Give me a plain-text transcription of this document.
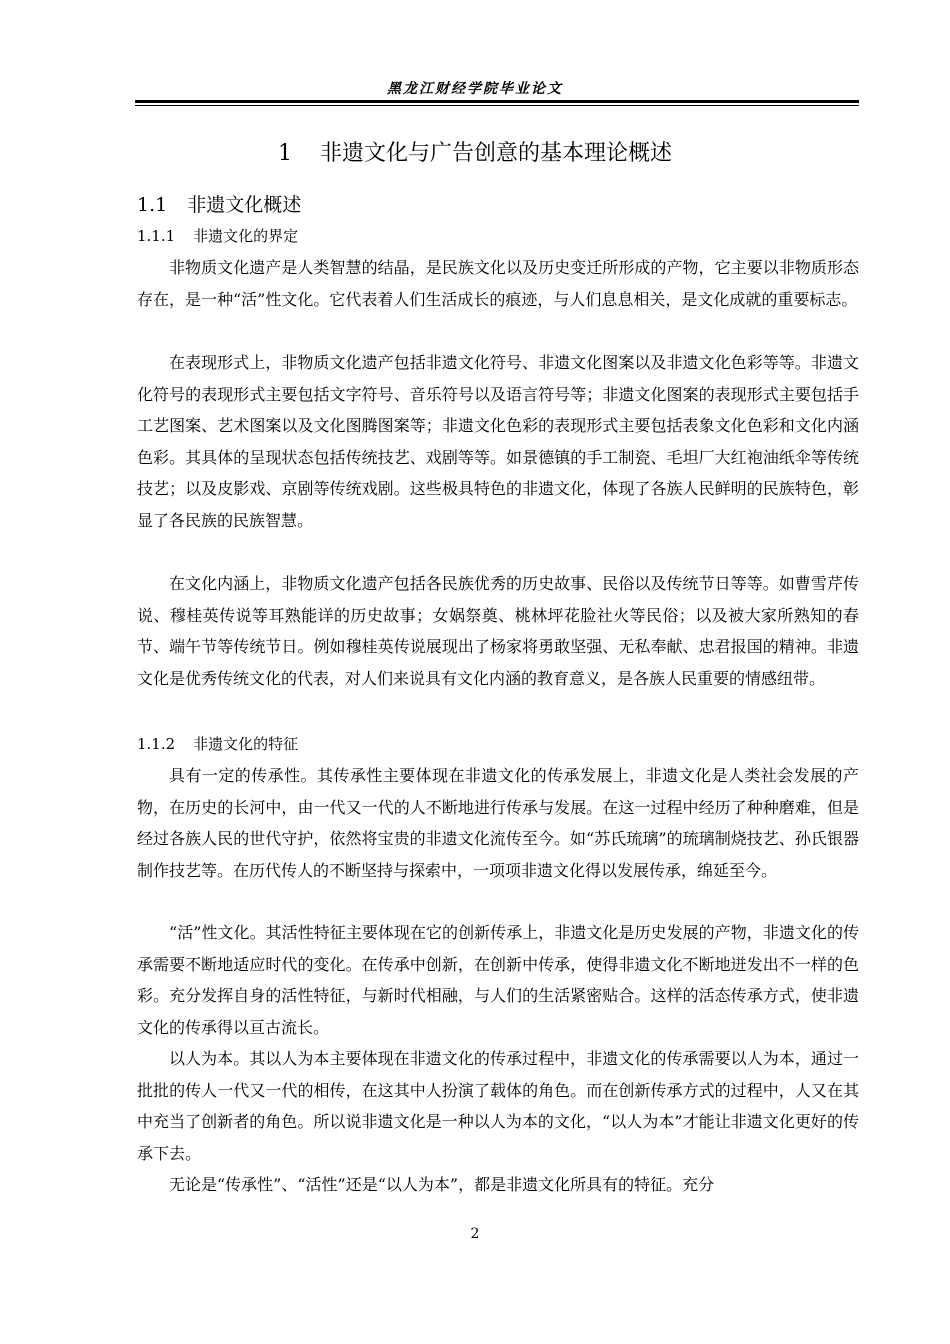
黑龙江财经学院毕业论文
1 非遗文化与广告创意的基本理论概述
1.1 非遗文化概述
1.1.1 非遗文化的界定

非物质文化遗产是人类智慧的结晶，是民族文化以及历史变迁所形成的产物，它主要以非物质形态存在，是一种“活”性文化。它代表着人们生活成长的痕迹，与人们息息相关，是文化成就的重要标志。

在表现形式上，非物质文化遗产包括非遗文化符号、非遗文化图案以及非遗文化色彩等等。非遗文化符号的表现形式主要包括文字符号、音乐符号以及语言符号等；非遗文化图案的表现形式主要包括手工艺图案、艺术图案以及文化图腾图案等；非遗文化色彩的表现形式主要包括表象文化色彩和文化内涵色彩。其具体的呈现状态包括传统技艺、戏剧等等。如景德镇的手工制瓷、毛坦厂大红袍油纸伞等传统技艺；以及皮影戏、京剧等传统戏剧。这些极具特色的非遗文化，体现了各族人民鲜明的民族特色，彰显了各民族的民族智慧。

在文化内涵上，非物质文化遗产包括各民族优秀的历史故事、民俗以及传统节日等等。如曹雪芹传说、穆桂英传说等耳熟能详的历史故事；女娲祭奠、桃林坪花脸社火等民俗；以及被大家所熟知的春节、端午节等传统节日。例如穆桂英传说展现出了杨家将勇敢坚强、无私奉献、忠君报国的精神。非遗文化是优秀传统文化的代表，对人们来说具有文化内涵的教育意义，是各族人民重要的情感纽带。

1.1.2 非遗文化的特征

具有一定的传承性。其传承性主要体现在非遗文化的传承发展上，非遗文化是人类社会发展的产物，在历史的长河中，由一代又一代的人不断地进行传承与发展。在这一过程中经历了种种磨难，但是经过各族人民的世代守护，依然将宝贵的非遗文化流传至今。如“苏氏琉璃”的琉璃制烧技艺、孙氏银器制作技艺等。在历代传人的不断坚持与探索中，一项项非遗文化得以发展传承，绵延至今。

“活”性文化。其活性特征主要体现在它的创新传承上，非遗文化是历史发展的产物，非遗文化的传承需要不断地适应时代的变化。在传承中创新，在创新中传承，使得非遗文化不断地迸发出不一样的色彩。充分发挥自身的活性特征，与新时代相融，与人们的生活紧密贴合。这样的活态传承方式，使非遗文化的传承得以亘古流长。

以人为本。其以人为本主要体现在非遗文化的传承过程中，非遗文化的传承需要以人为本，通过一批批的传人一代又一代的相传，在这其中人扮演了载体的角色。而在创新传承方式的过程中，人又在其中充当了创新者的角色。所以说非遗文化是一种以人为本的文化，“以人为本”才能让非遗文化更好的传承下去。

无论是“传承性”、“活性”还是“以人为本”，都是非遗文化所具有的特征。充分

2
